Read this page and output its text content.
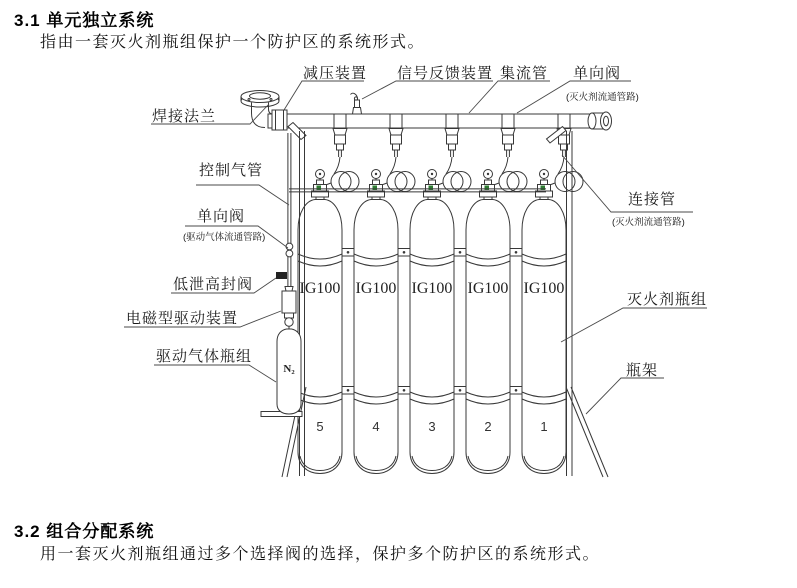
3.1 单元独立系统
指由一套灭火剂瓶组保护一个防护区的系统形式。
N₂
IG100 IG100 IG100 IG100 IG100
5	4	3	2	1
焊接法兰
减压装置 信号反馈装置 集流管 单向阀
(灭火剂流通管路)
控制气管
单向阀
(驱动气体流通管路)
低泄高封阀
电磁型驱动装置
驱动气体瓶组
连接管
(灭火剂流通管路)
灭火剂瓶组
瓶架
3.2 组合分配系统
用一套灭火剂瓶组通过多个选择阀的选择，保护多个防护区的系统形式。
